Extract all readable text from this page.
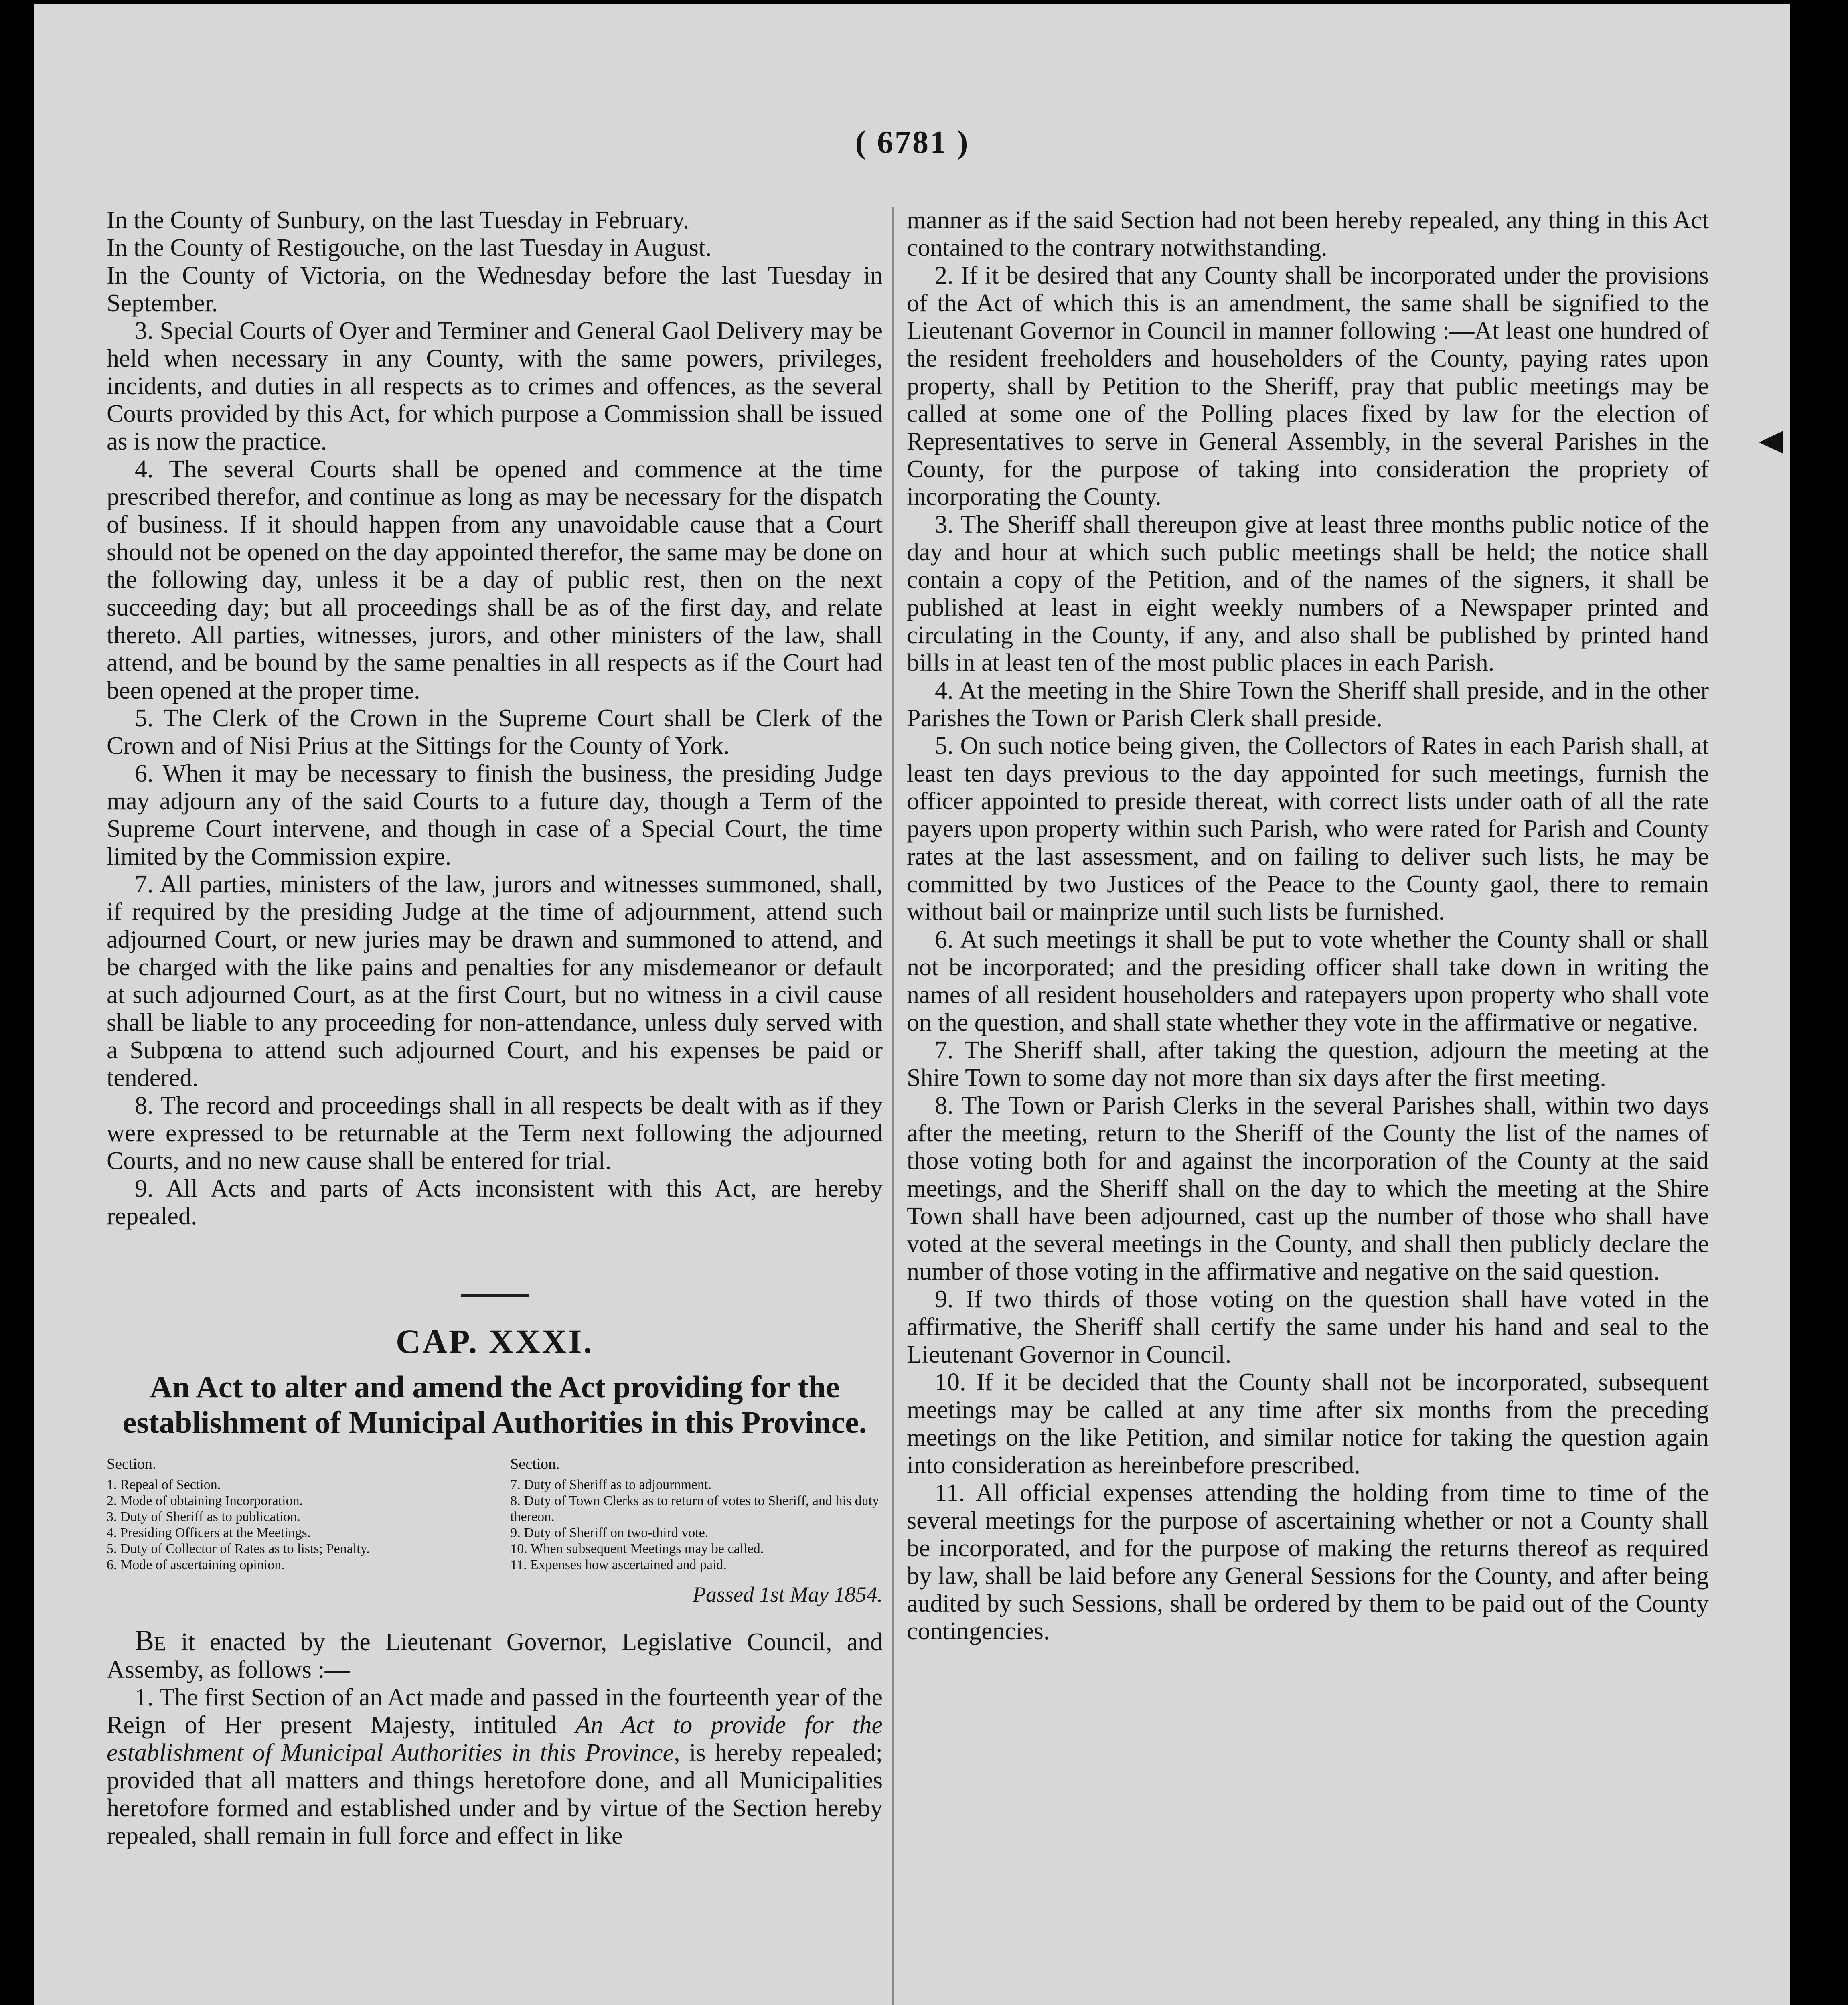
( 6781 )

In the County of Sunbury, on the last Tuesday in February.

In the County of Restigouche, on the last Tuesday in August.

In the County of Victoria, on the Wednesday before the last Tuesday in September.

3. Special Courts of Oyer and Terminer and General Gaol Delivery may be held when necessary in any County, with the same powers, privileges, incidents, and duties in all respects as to crimes and offences, as the several Courts provided by this Act, for which purpose a Commission shall be issued as is now the practice.

4. The several Courts shall be opened and commence at the time prescribed therefor, and continue as long as may be necessary for the dispatch of business. If it should happen from any unavoidable cause that a Court should not be opened on the day appointed therefor, the same may be done on the following day, unless it be a day of public rest, then on the next succeeding day; but all proceedings shall be as of the first day, and relate thereto. All parties, witnesses, jurors, and other ministers of the law, shall attend, and be bound by the same penalties in all respects as if the Court had been opened at the proper time.

5. The Clerk of the Crown in the Supreme Court shall be Clerk of the Crown and of Nisi Prius at the Sittings for the County of York.

6. When it may be necessary to finish the business, the presiding Judge may adjourn any of the said Courts to a future day, though a Term of the Supreme Court intervene, and though in case of a Special Court, the time limited by the Commission expire.

7. All parties, ministers of the law, jurors and witnesses summoned, shall, if required by the presiding Judge at the time of adjournment, attend such adjourned Court, or new juries may be drawn and summoned to attend, and be charged with the like pains and penalties for any misdemeanor or default at such adjourned Court, as at the first Court, but no witness in a civil cause shall be liable to any proceeding for non-attendance, unless duly served with a Subpœna to attend such adjourned Court, and his expenses be paid or tendered.

8. The record and proceedings shall in all respects be dealt with as if they were expressed to be returnable at the Term next following the adjourned Courts, and no new cause shall be entered for trial.

9. All Acts and parts of Acts inconsistent with this Act, are hereby repealed.

CAP. XXXI.
An Act to alter and amend the Act providing for the establishment of Municipal Authorities in this Province.
Section.

1. Repeal of Section.

2. Mode of obtaining Incorporation.

3. Duty of Sheriff as to publication.

4. Presiding Officers at the Meetings.

5. Duty of Collector of Rates as to lists; Penalty.

6. Mode of ascertaining opinion.

Section.

7. Duty of Sheriff as to adjournment.

8. Duty of Town Clerks as to return of votes to Sheriff, and his duty thereon.

9. Duty of Sheriff on two-third vote.

10. When subsequent Meetings may be called.

11. Expenses how ascertained and paid.

Passed 1st May 1854.

Be it enacted by the Lieutenant Governor, Legislative Council, and Assemby, as follows :—

1. The first Section of an Act made and passed in the fourteenth year of the Reign of Her present Majesty, intituled An Act to provide for the establishment of Municipal Authorities in this Province, is hereby repealed; provided that all matters and things heretofore done, and all Municipalities heretofore formed and established under and by virtue of the Section hereby repealed, shall remain in full force and effect in like

manner as if the said Section had not been hereby repealed, any thing in this Act contained to the contrary notwithstanding.

2. If it be desired that any County shall be incorporated under the provisions of the Act of which this is an amendment, the same shall be signified to the Lieutenant Governor in Council in manner following :—At least one hundred of the resident freeholders and householders of the County, paying rates upon property, shall by Petition to the Sheriff, pray that public meetings may be called at some one of the Polling places fixed by law for the election of Representatives to serve in General Assembly, in the several Parishes in the County, for the purpose of taking into consideration the propriety of incorporating the County.

3. The Sheriff shall thereupon give at least three months public notice of the day and hour at which such public meetings shall be held; the notice shall contain a copy of the Petition, and of the names of the signers, it shall be published at least in eight weekly numbers of a Newspaper printed and circulating in the County, if any, and also shall be published by printed hand bills in at least ten of the most public places in each Parish.

4. At the meeting in the Shire Town the Sheriff shall preside, and in the other Parishes the Town or Parish Clerk shall preside.

5. On such notice being given, the Collectors of Rates in each Parish shall, at least ten days previous to the day appointed for such meetings, furnish the officer appointed to preside thereat, with correct lists under oath of all the rate payers upon property within such Parish, who were rated for Parish and County rates at the last assessment, and on failing to deliver such lists, he may be committed by two Justices of the Peace to the County gaol, there to remain without bail or mainprize until such lists be furnished.

6. At such meetings it shall be put to vote whether the County shall or shall not be incorporated; and the presiding officer shall take down in writing the names of all resident householders and ratepayers upon property who shall vote on the question, and shall state whether they vote in the affirmative or negative.

7. The Sheriff shall, after taking the question, adjourn the meeting at the Shire Town to some day not more than six days after the first meeting.

8. The Town or Parish Clerks in the several Parishes shall, within two days after the meeting, return to the Sheriff of the County the list of the names of those voting both for and against the incorporation of the County at the said meetings, and the Sheriff shall on the day to which the meeting at the Shire Town shall have been adjourned, cast up the number of those who shall have voted at the several meetings in the County, and shall then publicly declare the number of those voting in the affirmative and negative on the said question.

9. If two thirds of those voting on the question shall have voted in the affirmative, the Sheriff shall certify the same under his hand and seal to the Lieutenant Governor in Council.

10. If it be decided that the County shall not be incorporated, subsequent meetings may be called at any time after six months from the preceding meetings on the like Petition, and similar notice for taking the question again into consideration as hereinbefore prescribed.

11. All official expenses attending the holding from time to time of the several meetings for the purpose of ascertaining whether or not a County shall be incorporated, and for the purpose of making the returns thereof as required by law, shall be laid before any General Sessions for the County, and after being audited by such Sessions, shall be ordered by them to be paid out of the County contingencies.
